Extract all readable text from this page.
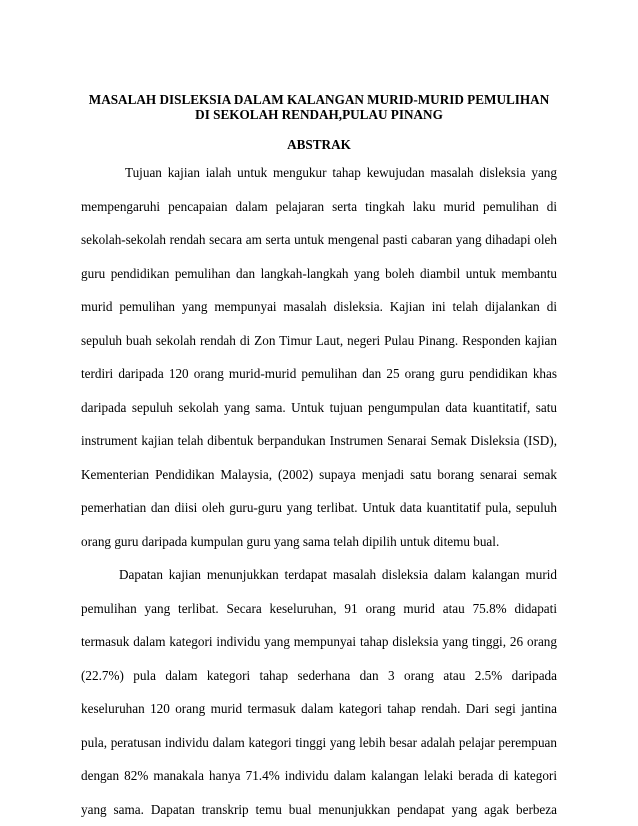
MASALAH DISLEKSIA DALAM KALANGAN MURID-MURID PEMULIHAN
DI SEKOLAH RENDAH,PULAU PINANG
ABSTRAK
Tujuan kajian ialah untuk mengukur tahap kewujudan masalah disleksia yang
mempengaruhi pencapaian dalam pelajaran serta tingkah laku murid pemulihan di
sekolah-sekolah rendah secara am serta untuk mengenal pasti cabaran yang dihadapi oleh
guru pendidikan pemulihan dan langkah-langkah yang boleh diambil untuk membantu
murid pemulihan yang mempunyai masalah disleksia. Kajian ini telah dijalankan di
sepuluh buah sekolah rendah di Zon Timur Laut, negeri Pulau Pinang. Responden kajian
terdiri daripada 120 orang murid-murid pemulihan dan 25 orang guru pendidikan khas
daripada sepuluh sekolah yang sama. Untuk tujuan pengumpulan data kuantitatif, satu
instrument kajian telah dibentuk berpandukan Instrumen Senarai Semak Disleksia (ISD),
Kementerian Pendidikan Malaysia, (2002) supaya menjadi satu borang senarai semak
pemerhatian dan diisi oleh guru-guru yang terlibat. Untuk data kuantitatif pula, sepuluh
orang guru daripada kumpulan guru yang sama telah dipilih untuk ditemu bual.
Dapatan kajian menunjukkan terdapat masalah disleksia dalam kalangan murid
pemulihan yang terlibat. Secara keseluruhan, 91 orang murid atau 75.8% didapati
termasuk dalam kategori individu yang mempunyai tahap disleksia yang tinggi, 26 orang
(22.7%) pula dalam kategori tahap sederhana dan 3 orang atau 2.5% daripada
keseluruhan 120 orang murid termasuk dalam kategori tahap rendah. Dari segi jantina
pula, peratusan individu dalam kategori tinggi yang lebih besar adalah pelajar perempuan
dengan 82% manakala hanya 71.4% individu dalam kalangan lelaki berada di kategori
yang sama. Dapatan transkrip temu bual menunjukkan pendapat yang agak berbeza
